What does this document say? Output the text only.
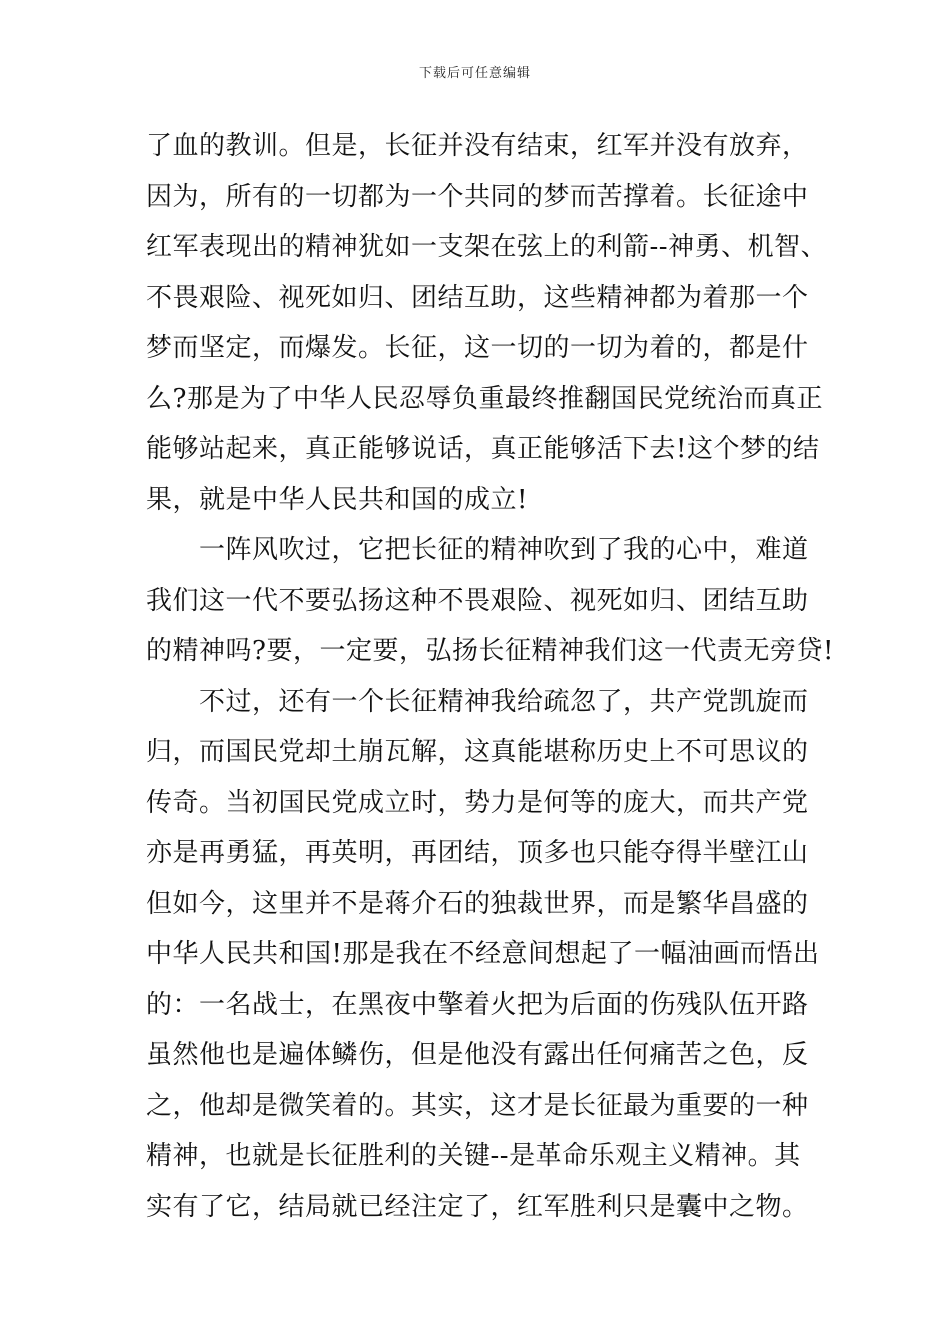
下载后可任意编辑
了血的教训。但是，长征并没有结束，红军并没有放弃，
因为，所有的一切都为一个共同的梦而苦撑着。长征途中
红军表现出的精神犹如一支架在弦上的利箭--神勇、机智、
不畏艰险、视死如归、团结互助，这些精神都为着那一个
梦而坚定，而爆发。长征，这一切的一切为着的，都是什
么?那是为了中华人民忍辱负重最终推翻国民党统治而真正
能够站起来，真正能够说话，真正能够活下去!这个梦的结
果，就是中华人民共和国的成立!
　　一阵风吹过，它把长征的精神吹到了我的心中，难道
我们这一代不要弘扬这种不畏艰险、视死如归、团结互助
的精神吗?要，一定要，弘扬长征精神我们这一代责无旁贷!
　　不过，还有一个长征精神我给疏忽了，共产党凯旋而
归，而国民党却土崩瓦解，这真能堪称历史上不可思议的
传奇。当初国民党成立时，势力是何等的庞大，而共产党
亦是再勇猛，再英明，再团结，顶多也只能夺得半壁江山
但如今，这里并不是蒋介石的独裁世界，而是繁华昌盛的
中华人民共和国!那是我在不经意间想起了一幅油画而悟出
的：一名战士，在黑夜中擎着火把为后面的伤残队伍开路
虽然他也是遍体鳞伤，但是他没有露出任何痛苦之色，反
之，他却是微笑着的。其实，这才是长征最为重要的一种
精神，也就是长征胜利的关键--是革命乐观主义精神。其
实有了它，结局就已经注定了，红军胜利只是囊中之物。
